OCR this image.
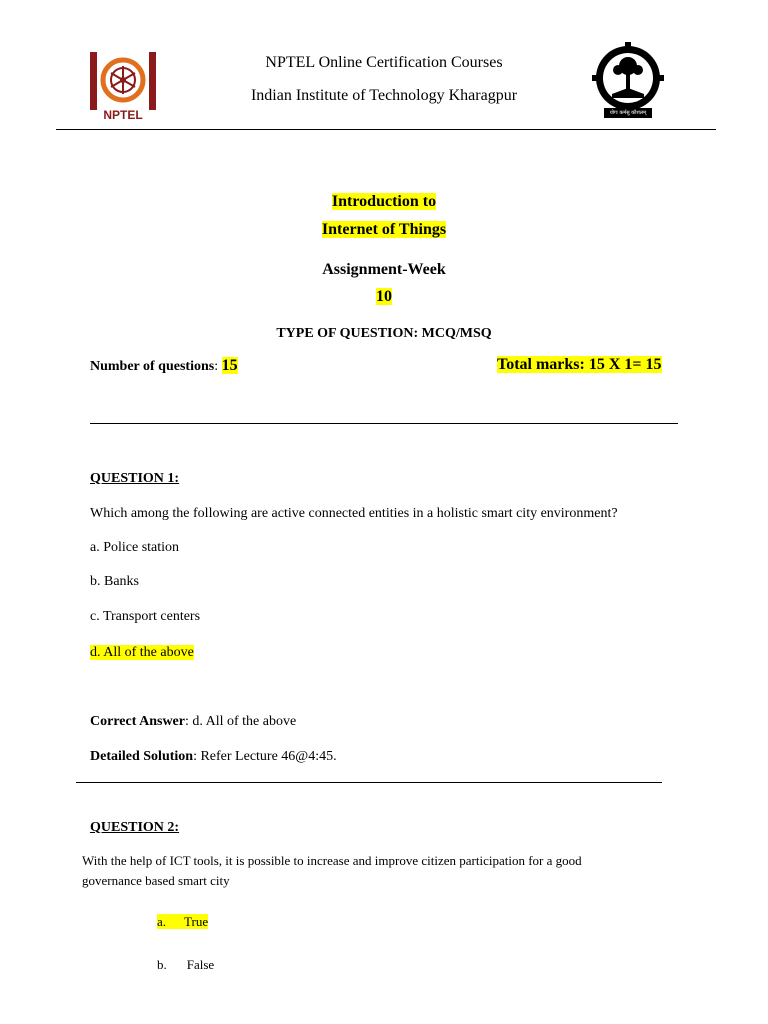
NPTEL
NPTEL Online Certification Courses
Indian Institute of Technology Kharagpur
योगः कर्मसु कौशलम्
Introduction to
Internet of Things
Assignment-Week
10
TYPE OF QUESTION: MCQ/MSQ
Number of questions: 15	Total marks: 15 X 1= 15
QUESTION 1:
Which among the following are active connected entities in a holistic smart city environment?
a. Police station
b. Banks
c. Transport centers
d. All of the above
Correct Answer: d. All of the above
Detailed Solution: Refer Lecture 46@4:45.
QUESTION 2:
With the help of ICT tools, it is possible to increase and improve citizen participation for a good
governance based smart city
a. True
b. False
